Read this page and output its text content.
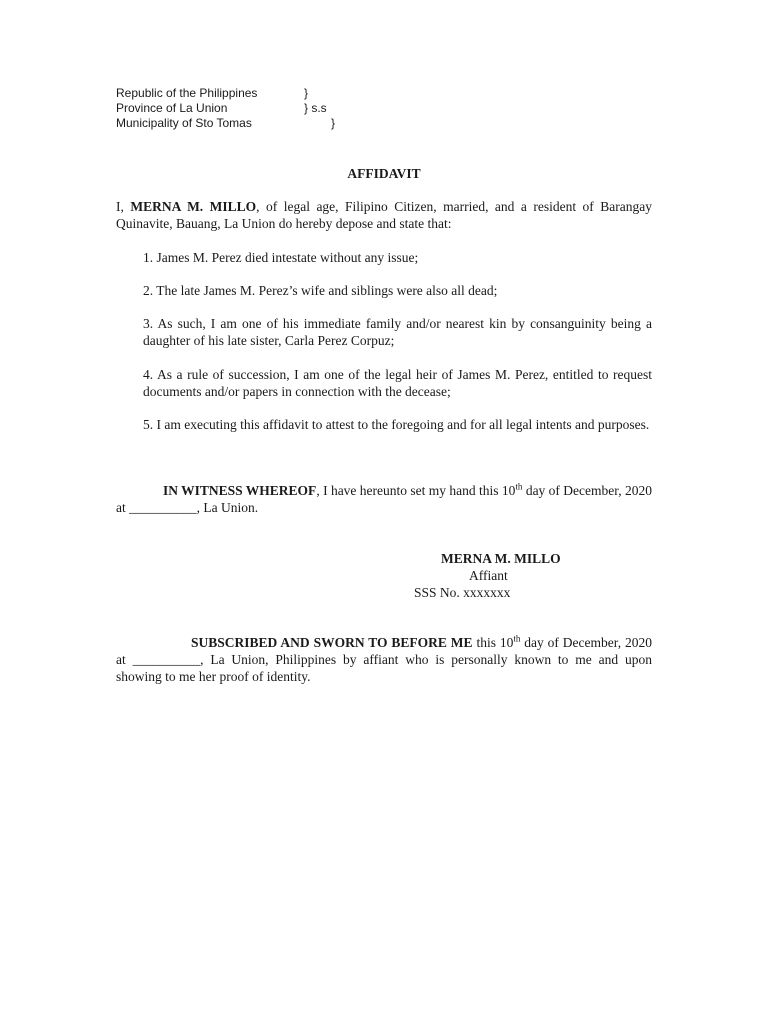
Republic of the Philippines	}
Province of La Union	} s.s
Municipality of Sto Tomas	}
AFFIDAVIT

I, MERNA M. MILLO, of legal age, Filipino Citizen, married, and a resident of Barangay Quinavite, Bauang, La Union do hereby depose and state that:

1. James M. Perez died intestate without any issue;

2. The late James M. Perez’s wife and siblings were also all dead;

3. As such, I am one of his immediate family and/or nearest kin by consanguinity being a daughter of his late sister, Carla Perez Corpuz;

4. As a rule of succession, I am one of the legal heir of James M. Perez, entitled to request documents and/or papers in connection with the decease;

5. I am executing this affidavit to attest to the foregoing and for all legal intents and purposes.

IN WITNESS WHEREOF, I have hereunto set my hand this 10th day of December, 2020 at __________, La Union.

MERNA M. MILLO
Affiant
SSS No. xxxxxxx

SUBSCRIBED AND SWORN TO BEFORE ME this 10th day of December, 2020 at __________, La Union, Philippines by affiant who is personally known to me and upon showing to me her proof of identity.
